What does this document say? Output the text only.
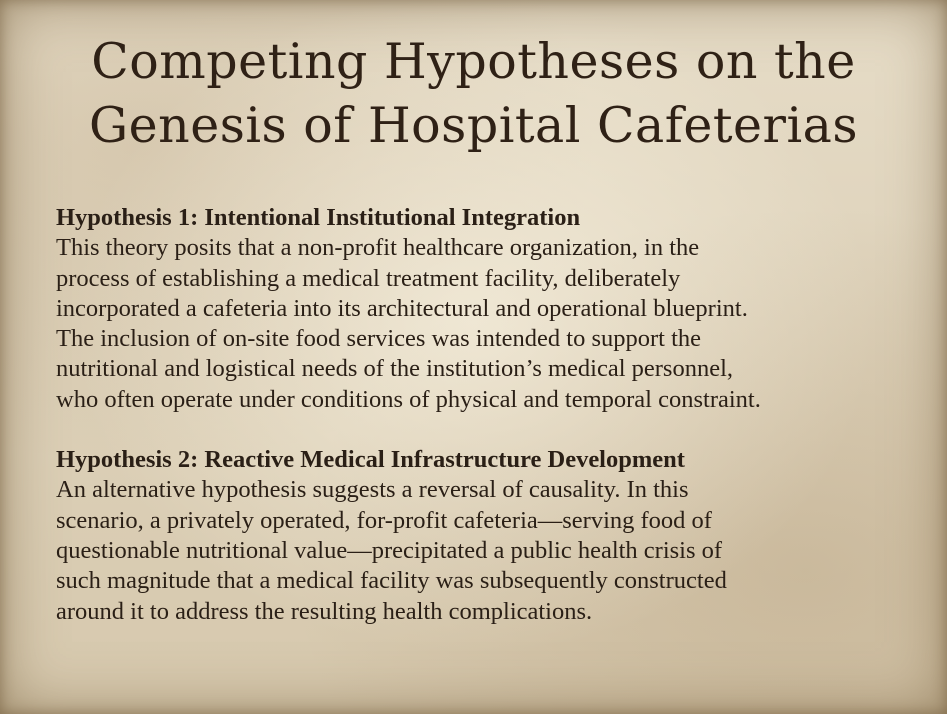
Competing Hypotheses on the
Genesis of Hospital Cafeterias
Hypothesis 1: Intentional Institutional Integration
This theory posits that a non-profit healthcare organization, in the
process of establishing a medical treatment facility, deliberately
incorporated a cafeteria into its architectural and operational blueprint.
The inclusion of on-site food services was intended to support the
nutritional and logistical needs of the institution’s medical personnel,
who often operate under conditions of physical and temporal constraint.
Hypothesis 2: Reactive Medical Infrastructure Development
An alternative hypothesis suggests a reversal of causality. In this
scenario, a privately operated, for-profit cafeteria—serving food of
questionable nutritional value—precipitated a public health crisis of
such magnitude that a medical facility was subsequently constructed
around it to address the resulting health complications.
